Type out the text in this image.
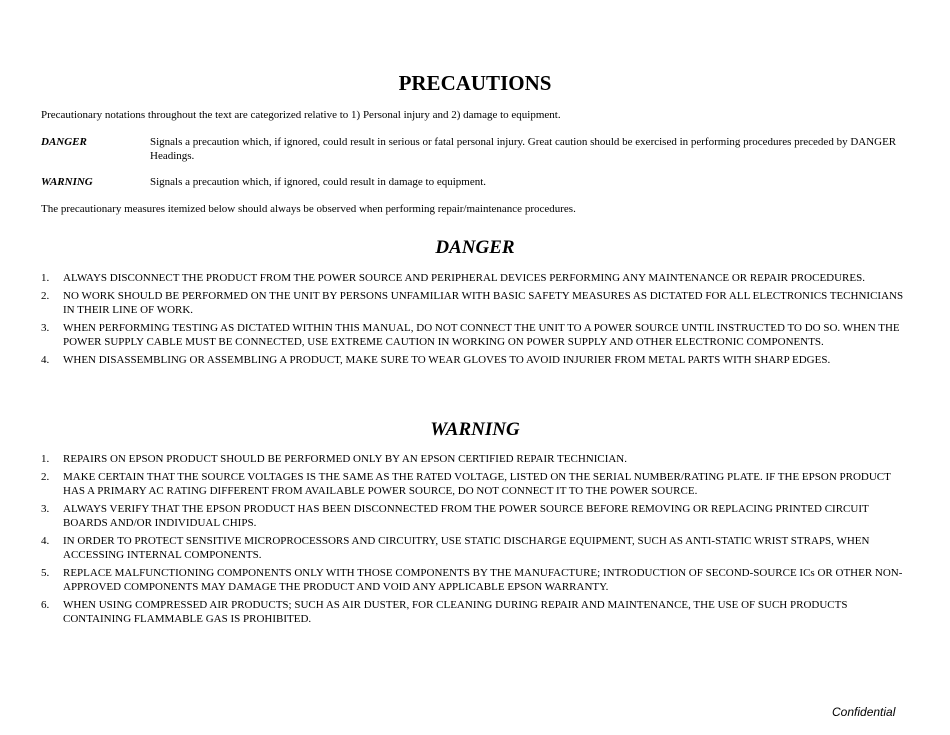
PRECAUTIONS
Precautionary notations throughout the text are categorized relative to 1) Personal injury and 2) damage to equipment.
DANGER	Signals a precaution which, if ignored, could result in serious or fatal personal injury. Great caution should be exercised in performing procedures preceded by DANGER Headings.
WARNING	Signals a precaution which, if ignored, could result in damage to equipment.
The precautionary measures itemized below should always be observed when performing repair/maintenance procedures.
DANGER
1. ALWAYS DISCONNECT THE PRODUCT FROM THE POWER SOURCE AND PERIPHERAL DEVICES PERFORMING ANY MAINTENANCE OR REPAIR PROCEDURES.
2. NO WORK SHOULD BE PERFORMED ON THE UNIT BY PERSONS UNFAMILIAR WITH BASIC SAFETY MEASURES AS DICTATED FOR ALL ELECTRONICS TECHNICIANS IN THEIR LINE OF WORK.
3. WHEN PERFORMING TESTING AS DICTATED WITHIN THIS MANUAL, DO NOT CONNECT THE UNIT TO A POWER SOURCE UNTIL INSTRUCTED TO DO SO. WHEN THE POWER SUPPLY CABLE MUST BE CONNECTED, USE EXTREME CAUTION IN WORKING ON POWER SUPPLY AND OTHER ELECTRONIC COMPONENTS.
4. WHEN DISASSEMBLING OR ASSEMBLING A PRODUCT, MAKE SURE TO WEAR GLOVES TO AVOID INJURIER FROM METAL PARTS WITH SHARP EDGES.
WARNING
1. REPAIRS ON EPSON PRODUCT SHOULD BE PERFORMED ONLY BY AN EPSON CERTIFIED REPAIR TECHNICIAN.
2. MAKE CERTAIN THAT THE SOURCE VOLTAGES IS THE SAME AS THE RATED VOLTAGE, LISTED ON THE SERIAL NUMBER/RATING PLATE. IF THE EPSON PRODUCT HAS A PRIMARY AC RATING DIFFERENT FROM AVAILABLE POWER SOURCE, DO NOT CONNECT IT TO THE POWER SOURCE.
3. ALWAYS VERIFY THAT THE EPSON PRODUCT HAS BEEN DISCONNECTED FROM THE POWER SOURCE BEFORE REMOVING OR REPLACING PRINTED CIRCUIT BOARDS AND/OR INDIVIDUAL CHIPS.
4. IN ORDER TO PROTECT SENSITIVE MICROPROCESSORS AND CIRCUITRY, USE STATIC DISCHARGE EQUIPMENT, SUCH AS ANTI-STATIC WRIST STRAPS, WHEN ACCESSING INTERNAL COMPONENTS.
5. REPLACE MALFUNCTIONING COMPONENTS ONLY WITH THOSE COMPONENTS BY THE MANUFACTURE; INTRODUCTION OF SECOND-SOURCE ICs OR OTHER NON-APPROVED COMPONENTS MAY DAMAGE THE PRODUCT AND VOID ANY APPLICABLE EPSON WARRANTY.
6. WHEN USING COMPRESSED AIR PRODUCTS; SUCH AS AIR DUSTER, FOR CLEANING DURING REPAIR AND MAINTENANCE, THE USE OF SUCH PRODUCTS CONTAINING FLAMMABLE GAS IS PROHIBITED.
Confidential
